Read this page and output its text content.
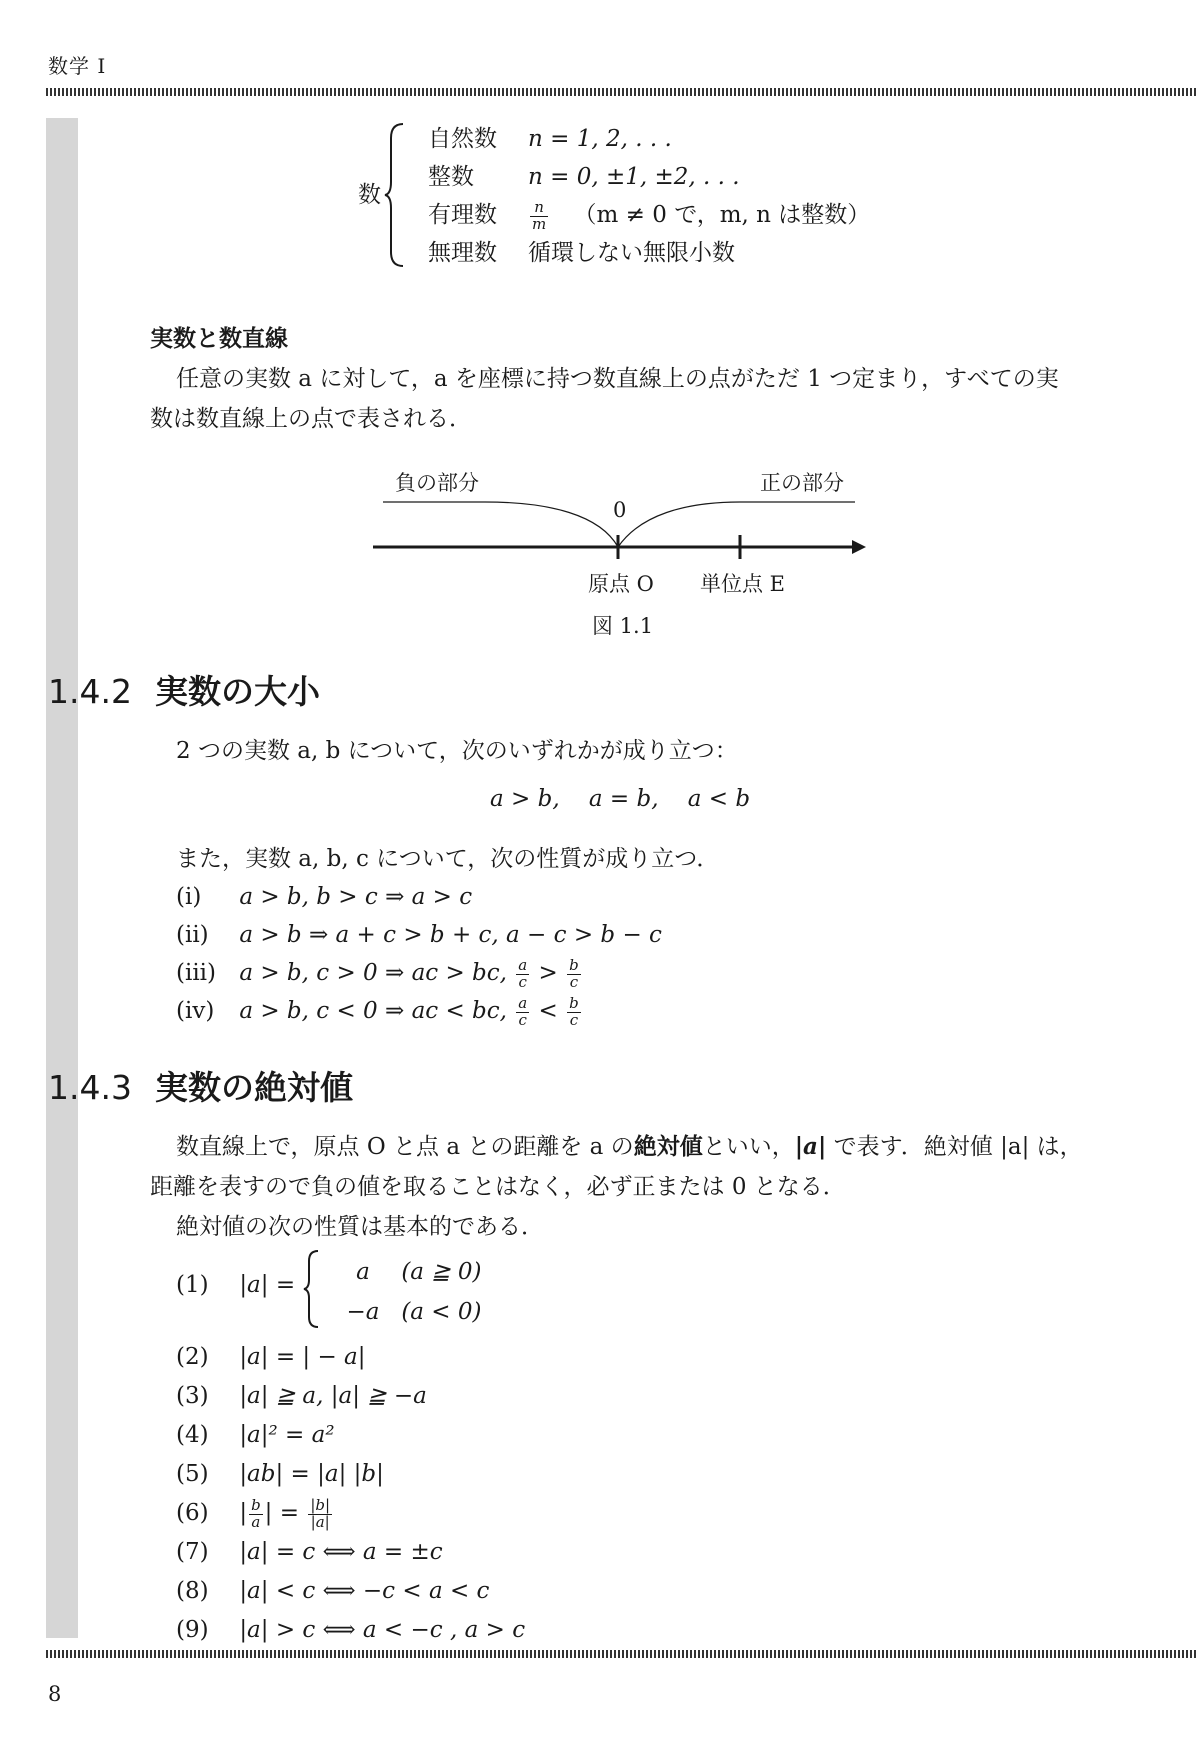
数学 I
数
自然数 n = 1, 2, . . .
整数 n = 0, ±1, ±2, . . .
有理数 $\frac{n}{m} (m \ne 0$ で，m, n は整数）
無理数 循環しない無限小数
実数と数直線
任意の実数 a に対して，a を座標に持つ数直線上の点がただ 1 つ定まり，すべての実
数は数直線上の点で表される．
負の部分	正の部分
0
原点 O 単位点 E
図 1.1
1.4.2 実数の大小
2 つの実数 a, b について，次のいずれかが成り立つ：
a > b,    a = b,    a < b
また，実数 a, b, c について，次の性質が成り立つ．
(i) a > b, b > c ⇒ a > c
(ii) a > b ⇒ a + c > b + c, a − c > b − c
(iii) a > b, c > 0 ⇒ ac > bc, $\frac{a}{c} > \frac{b}{c}$
(iv) a > b, c < 0 ⇒ ac < bc, $\frac{a}{c} < \frac{b}{c}$
1.4.3 実数の絶対値
数直線上で，原点 O と点 a との距離を a の絶対値といい，|a| で表す．絶対値 |a| は，
距離を表すので負の値を取ることはなく，必ず正または 0 となる．
絶対値の次の性質は基本的である．
(1) |a| =	a (a ≧ 0)
−a (a < 0)
(2) |a| = | − a|
(3) |a| ≧ a, |a| ≧ −a
(4) |a|² = a²
(5) |ab| = |a| |b|
(6) | $\frac{b}{a}$ | = $\frac{|b|}{|a|}$
(7) |a| = c ⟺ a = ±c
(8) |a| < c ⟺ −c < a < c
(9) |a| > c ⟺ a < −c , a > c
8
